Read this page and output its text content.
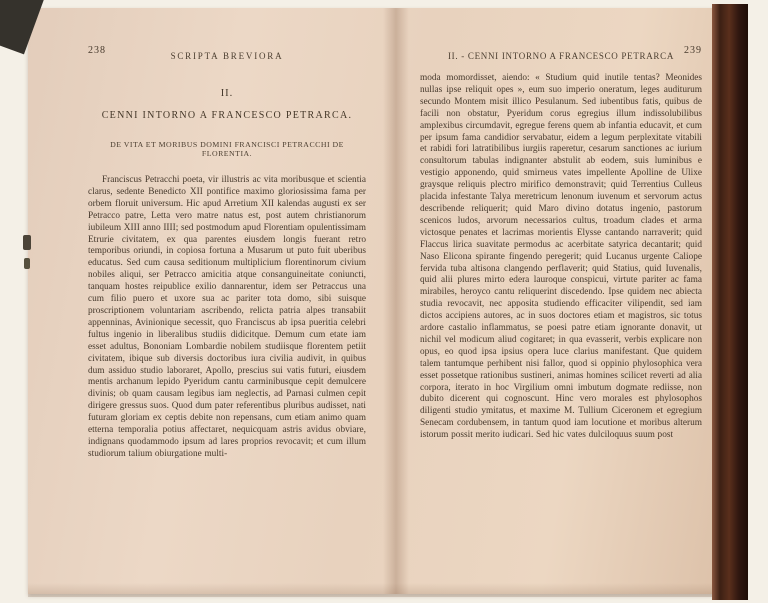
238	SCRIPTA BREVIORA
II.
CENNI INTORNO A FRANCESCO PETRARCA.
DE VITA ET MORIBUS DOMINI FRANCISCI PETRACCHI DE FLORENTIA.
Franciscus Petracchi poeta, vir illustris ac vita moribusque et scientia clarus, sedente Benedicto XII pontifice maximo gloriosissima fama per orbem floruit universum. Hic apud Arretium XII kalendas augusti ex ser Petracco patre, Letta vero matre natus est, post autem christianorum iubileum XIII anno IIII; sed postmodum apud Florentiam opulentissimam Etrurie civitatem, ex qua parentes eiusdem longis fuerant retro temporibus oriundi, in copiosa fortuna a Musarum ut puto fuit uberibus educatus. Sed cum causa seditionum multiplicium florentinorum civium nobiles aliqui, ser Petracco amicitia atque consanguineitate coniuncti, tanquam hostes reipublice exilio dannarentur, idem ser Petraccus una cum filio puero et uxore sua ac pariter tota domo, sibi suisque proscriptionem voluntariam ascribendo, relicta patria alpes transabiit appenninas, Avinionique secessit, quo Franciscus ab ipsa pueritia celebri fultus ingenio in liberalibus studiis didicitque. Demum cum etate iam esset adultus, Bononiam Lombardie nobilem studiisque florentem petiit civitatem, ibique sub diversis doctoribus iura civilia audivit, in quibus dum assiduo studio laboraret, Apollo, prescius sui vatis futuri, eiusdem mentis archanum lepido Pyeridum cantu carminibusque cepit demulcere divinis; ob quam causam legibus iam neglectis, ad Parnasi culmen cepit dirigere gressus suos. Quod dum pater referentibus pluribus audisset, nati futuram gloriam ex ceptis debite non repensans, cum etiam animo quam etterna temporalia potius affectaret, nequicquam astris avidus obviare, indignans quodammodo ipsum ad lares proprios revocavit; et cum illum studiorum talium obiurgatione multi-
II. - CENNI INTORNO A FRANCESCO PETRARCA 239
moda momordisset, aiendo: « Studium quid inutile tentas? Meonides nullas ipse reliquit opes », eum suo imperio oneratum, leges auditurum secundo Montem misit illico Pesulanum. Sed iubentibus fatis, quibus de facili non obstatur, Pyeridum corus egregius illum indissolubilibus amplexibus circumdavit, egregue ferens quem ab infantia educavit, et cum per ipsum fama candidior servabatur, eidem a legum perplexitate vitabili et rabidi fori latratibilibus iurgiis raperetur, cesarum sanctiones ac iurium consultorum tabulas indignanter abstulit ab eodem, suis luminibus e vestigio apponendo, quid smirneus vates impellente Apolline de Ulixe graysque reliquis plectro mirifico demonstravit; quid Terrentius Culleus placida infestante Talya meretricum lenonum iuvenum et servorum actus describende reliquerit; quid Maro divino dotatus ingenio, pastorum scenicos ludos, arvorum necessarios cultus, troadum clades et arma victosque penates et lacrimas morientis Elysse cantando narraverit; quid Flaccus lirica suavitate permodus ac acerbitate satyrica decantarit; quid Naso Elicona spirante fingendo peregerit; quid Lucanus urgente Caliope fervida tuba altisona clangendo perflaverit; quid Statius, quid Iuvenalis, quid alii plures mirto edera lauroque conspicui, virtute pariter ac fama mirabiles, heroyco cantu reliquerint discedendo. Ipse quidem nec abiecta studia revocavit, nec apposita studiendo efficaciter vilipendit, sed iam dictos accipiens autores, ac in suos doctores etiam et magistros, sic totus ardore castalio inflammatus, se poesi patre etiam ignorante donavit, ut nichil vel modicum aliud cogitaret; in qua evasserit, verbis explicare non opus, eo quod ipsa ipsius opera luce clarius manifestant. Que quidem talem tantumque perhibent nisi fallor, quod si oppinio phylosophica vera esset possetque rationibus sustineri, animas homines scilicet reverti ad alia corpora, iterato in hoc Virgilium omni imbutum dogmate rediisse, non dubito dicerent qui cognoscunt. Hinc vero morales est phylosophos diligenti studio ymitatus, et maxime M. Tullium Ciceronem et egregium Senecam cordubensem, in tantum quod iam locutione et moribus alterum istorum possit merito iudicari. Sed hic vates dulciloquus suum post
